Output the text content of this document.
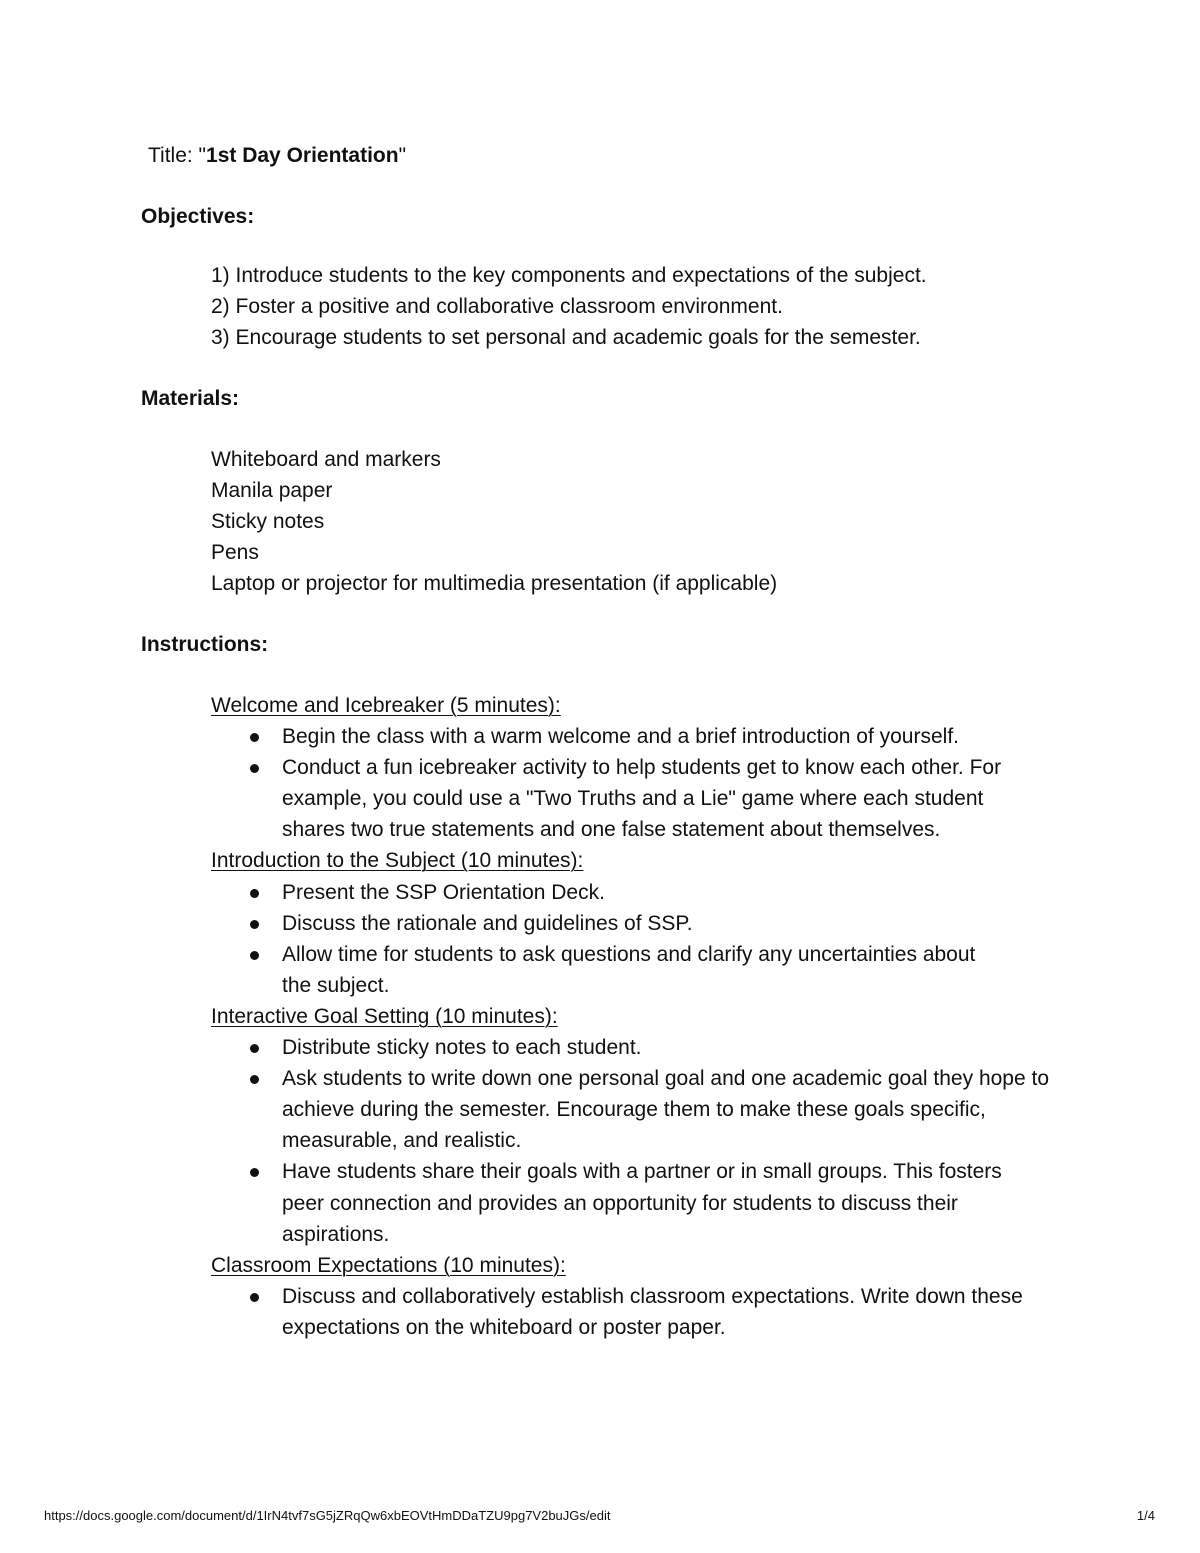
Title: "1st Day Orientation"
Objectives:
1) Introduce students to the key components and expectations of the subject.
2) Foster a positive and collaborative classroom environment.
3) Encourage students to set personal and academic goals for the semester.
Materials:
Whiteboard and markers
Manila paper
Sticky notes
Pens
Laptop or projector for multimedia presentation (if applicable)
Instructions:
Welcome and Icebreaker (5 minutes):
Begin the class with a warm welcome and a brief introduction of yourself.
Conduct a fun icebreaker activity to help students get to know each other. For example, you could use a "Two Truths and a Lie" game where each student shares two true statements and one false statement about themselves.
Introduction to the Subject (10 minutes):
Present the SSP Orientation Deck.
Discuss the rationale and guidelines of SSP.
Allow time for students to ask questions and clarify any uncertainties about the subject.
Interactive Goal Setting (10 minutes):
Distribute sticky notes to each student.
Ask students to write down one personal goal and one academic goal they hope to achieve during the semester. Encourage them to make these goals specific, measurable, and realistic.
Have students share their goals with a partner or in small groups. This fosters peer connection and provides an opportunity for students to discuss their aspirations.
Classroom Expectations (10 minutes):
Discuss and collaboratively establish classroom expectations. Write down these expectations on the whiteboard or poster paper.
https://docs.google.com/document/d/1IrN4tvf7sG5jZRqQw6xbEOVtHmDDaTZU9pg7V2buJGs/edit	1/4
